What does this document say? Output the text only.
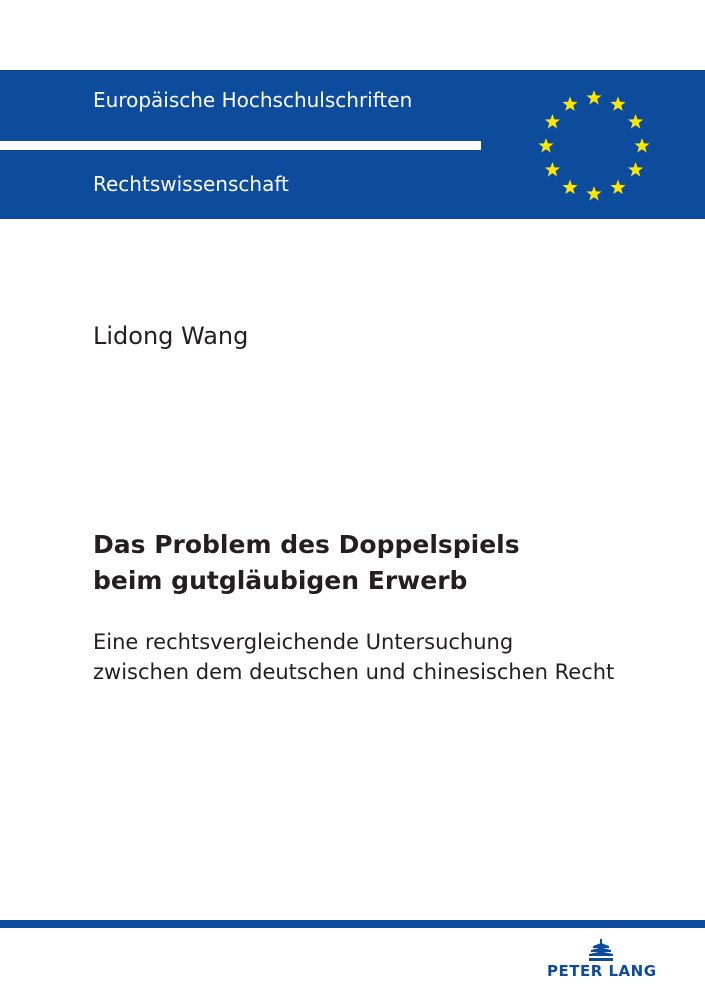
Europäische Hochschulschriften
Rechtswissenschaft

Lidong Wang

Das Problem des Doppelspiels
beim gutgläubigen Erwerb

Eine rechtsvergleichende Untersuchung
zwischen dem deutschen und chinesischen Recht

PETER LANG
